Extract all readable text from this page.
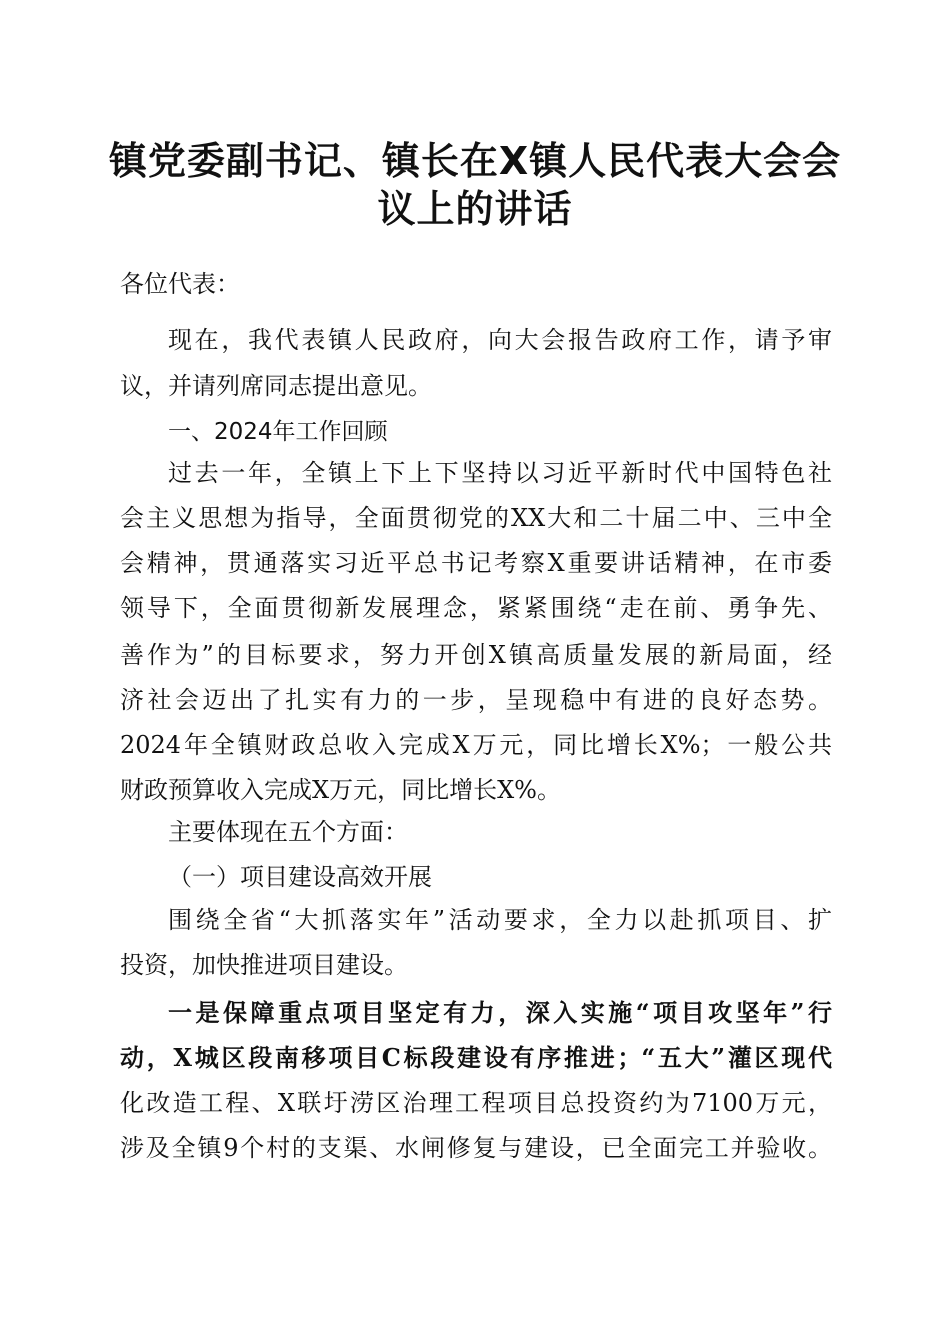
镇党委副书记、镇长在X镇人民代表大会会
议上的讲话
各位代表：
现在，我代表镇人民政府，向大会报告政府工作，请予审
议，并请列席同志提出意见。
一、2024年工作回顾
过去一年，全镇上下上下坚持以习近平新时代中国特色社
会主义思想为指导，全面贯彻党的XX大和二十届二中、三中全
会精神，贯通落实习近平总书记考察X重要讲话精神，在市委
领导下，全面贯彻新发展理念，紧紧围绕“走在前、勇争先、
善作为”的目标要求，努力开创X镇高质量发展的新局面，经
济社会迈出了扎实有力的一步，呈现稳中有进的良好态势。
2024年全镇财政总收入完成X万元，同比增长X%；一般公共
财政预算收入完成X万元，同比增长X%。
主要体现在五个方面：
（一）项目建设高效开展
围绕全省“大抓落实年”活动要求，全力以赴抓项目、扩
投资，加快推进项目建设。
一是保障重点项目坚定有力，深入实施“项目攻坚年”行
动，X城区段南移项目C标段建设有序推进；“五大”灌区现代
化改造工程、X联圩涝区治理工程项目总投资约为7100万元，
涉及全镇9个村的支渠、水闸修复与建设，已全面完工并验收。
